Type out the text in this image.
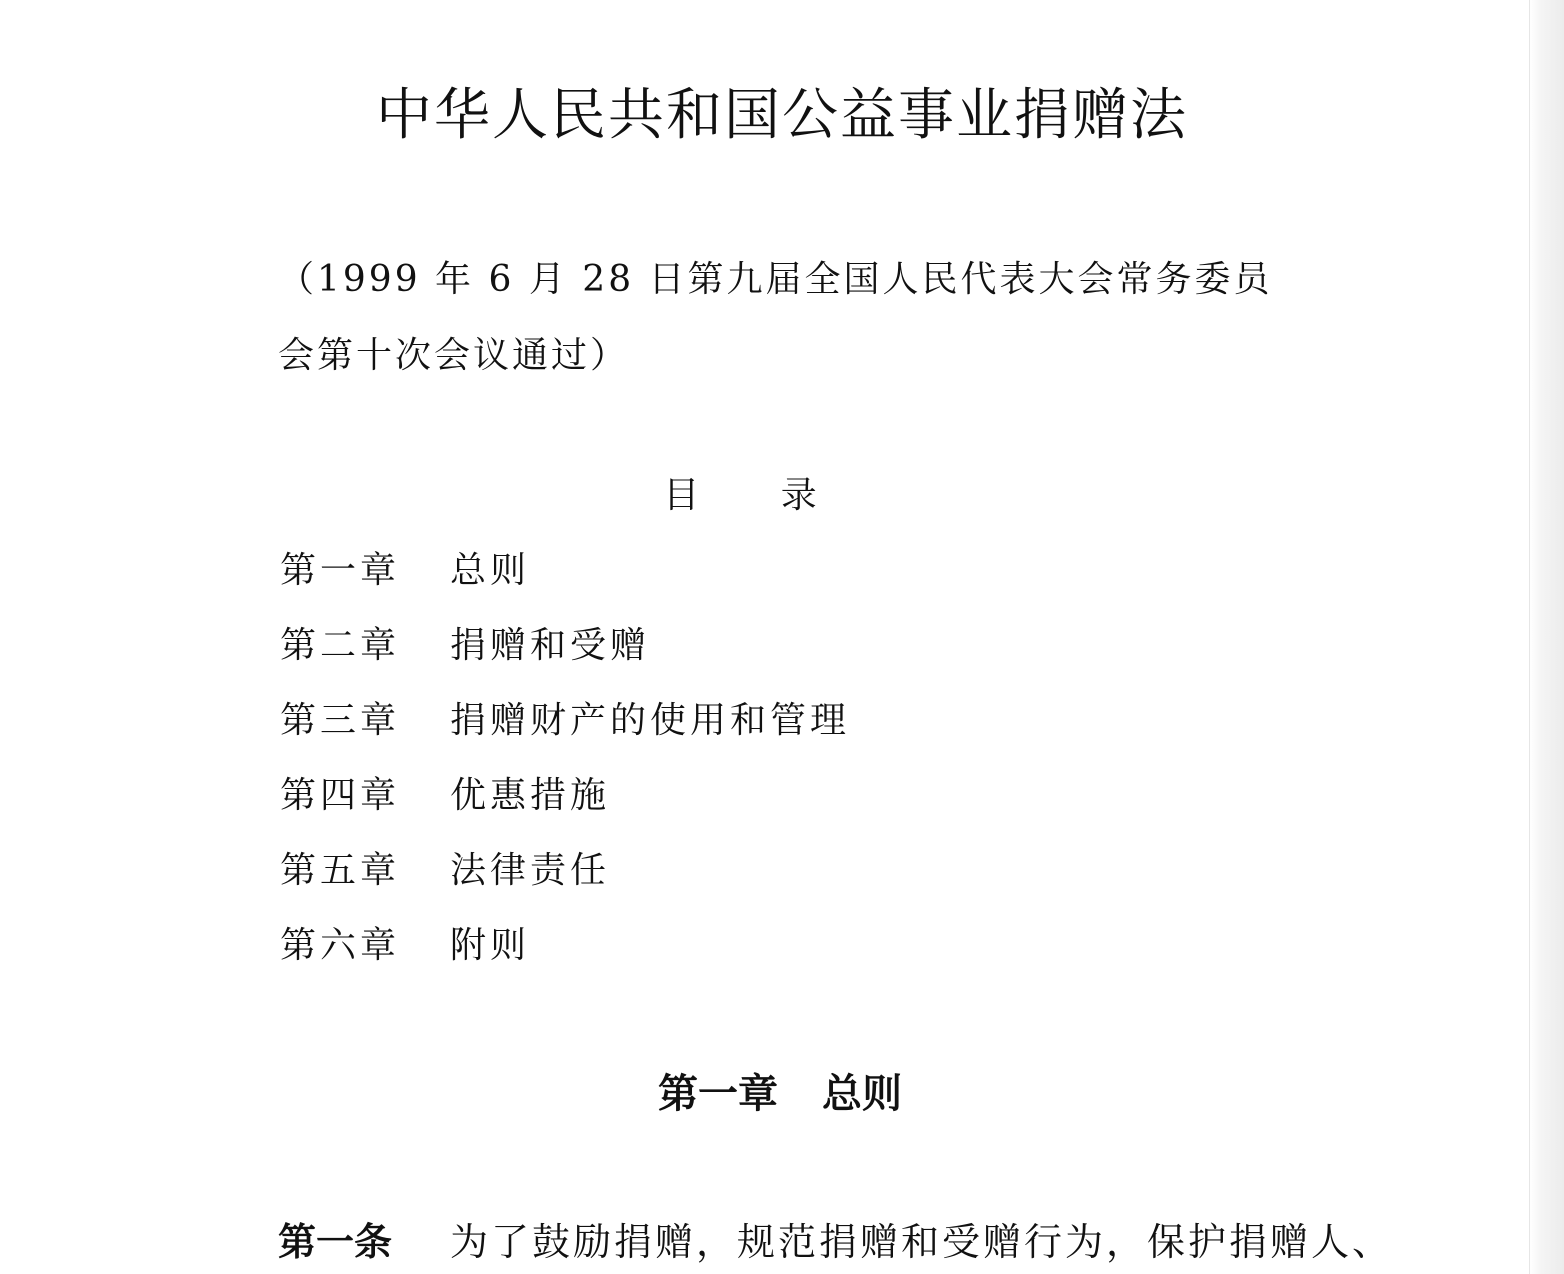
中华人民共和国公益事业捐赠法
（1999 年 6 月 28 日第九届全国人民代表大会常务委员会第十次会议通过）
目 录
第一章	总则
第二章	捐赠和受赠
第三章	捐赠财产的使用和管理
第四章	优惠措施
第五章	法律责任
第六章	附则
第一章 总则
第一条 为了鼓励捐赠，规范捐赠和受赠行为，保护捐赠人、
